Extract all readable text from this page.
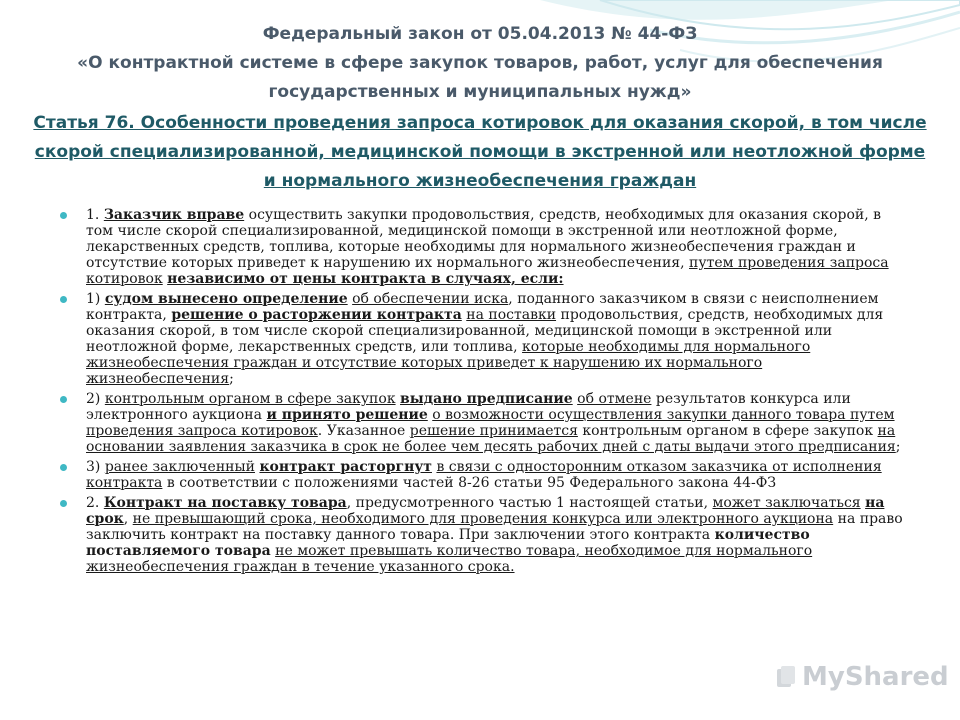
Федеральный закон от 05.04.2013 № 44-ФЗ
«О контрактной системе в сфере закупок товаров, работ, услуг для обеспечения
государственных и муниципальных нужд»
Статья 76. Особенности проведения запроса котировок для оказания скорой, в том числе скорой специализированной, медицинской помощи в экстренной или неотложной форме и нормального жизнеобеспечения граждан
1. Заказчик вправе осуществить закупки продовольствия, средств, необходимых для оказания скорой, в том числе скорой специализированной, медицинской помощи в экстренной или неотложной форме, лекарственных средств, топлива, которые необходимы для нормального жизнеобеспечения граждан и отсутствие которых приведет к нарушению их нормального жизнеобеспечения, путем проведения запроса котировок независимо от цены контракта в случаях, если:
1) судом вынесено определение об обеспечении иска, поданного заказчиком в связи с неисполнением контракта, решение о расторжении контракта на поставки продовольствия, средств, необходимых для оказания скорой, в том числе скорой специализированной, медицинской помощи в экстренной или неотложной форме, лекарственных средств, или топлива, которые необходимы для нормального жизнеобеспечения граждан и отсутствие которых приведет к нарушению их нормального жизнеобеспечения;
2) контрольным органом в сфере закупок выдано предписание об отмене результатов конкурса или электронного аукциона и принято решение о возможности осуществления закупки данного товара путем проведения запроса котировок. Указанное решение принимается контрольным органом в сфере закупок на основании заявления заказчика в срок не более чем десять рабочих дней с даты выдачи этого предписания;
3) ранее заключенный контракт расторгнут в связи с односторонним отказом заказчика от исполнения контракта в соответствии с положениями частей 8-26 статьи 95 Федерального закона 44-ФЗ
2. Контракт на поставку товара, предусмотренного частью 1 настоящей статьи, может заключаться на срок, не превышающий срока, необходимого для проведения конкурса или электронного аукциона на право заключить контракт на поставку данного товара. При заключении этого контракта количество поставляемого товара не может превышать количество товара, необходимое для нормального жизнеобеспечения граждан в течение указанного срока.
MyShared
